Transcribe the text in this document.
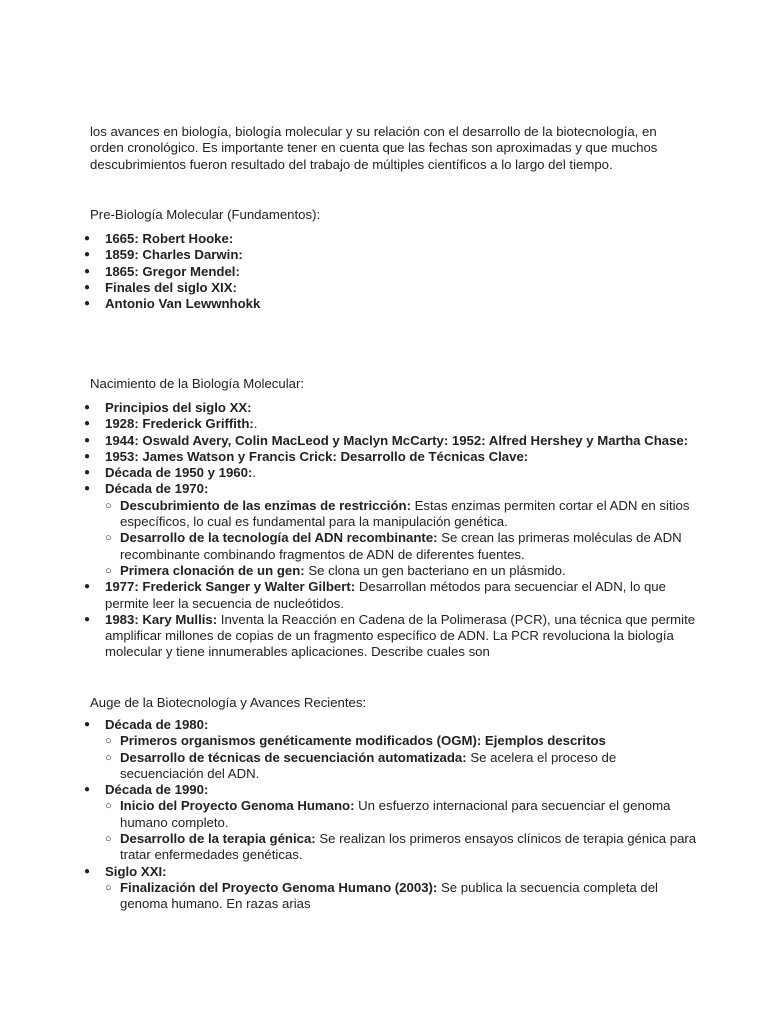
los avances en biología, biología molecular y su relación con el desarrollo de la biotecnología, en orden cronológico. Es importante tener en cuenta que las fechas son aproximadas y que muchos descubrimientos fueron resultado del trabajo de múltiples científicos a lo largo del tiempo.

Pre-Biología Molecular (Fundamentos):

● 1665: Robert Hooke:
● 1859: Charles Darwin:
● 1865: Gregor Mendel:
● Finales del siglo XIX:
● Antonio Van Lewwnhokk

Nacimiento de la Biología Molecular:

● Principios del siglo XX:
● 1928: Frederick Griffith:.
● 1944: Oswald Avery, Colin MacLeod y Maclyn McCarty: 1952: Alfred Hershey y Martha Chase:
● 1953: James Watson y Francis Crick: Desarrollo de Técnicas Clave:
● Década de 1950 y 1960:.
● Década de 1970:
○ Descubrimiento de las enzimas de restricción: Estas enzimas permiten cortar el ADN en sitios específicos, lo cual es fundamental para la manipulación genética.
○ Desarrollo de la tecnología del ADN recombinante: Se crean las primeras moléculas de ADN recombinante combinando fragmentos de ADN de diferentes fuentes.
○ Primera clonación de un gen: Se clona un gen bacteriano en un plásmido.
● 1977: Frederick Sanger y Walter Gilbert: Desarrollan métodos para secuenciar el ADN, lo que permite leer la secuencia de nucleótidos.
● 1983: Kary Mullis: Inventa la Reacción en Cadena de la Polimerasa (PCR), una técnica que permite amplificar millones de copias de un fragmento específico de ADN. La PCR revoluciona la biología molecular y tiene innumerables aplicaciones. Describe cuales son

Auge de la Biotecnología y Avances Recientes:

● Década de 1980:
○ Primeros organismos genéticamente modificados (OGM): Ejemplos descritos
○ Desarrollo de técnicas de secuenciación automatizada: Se acelera el proceso de secuenciación del ADN.
● Década de 1990:
○ Inicio del Proyecto Genoma Humano: Un esfuerzo internacional para secuenciar el genoma humano completo.
○ Desarrollo de la terapia génica: Se realizan los primeros ensayos clínicos de terapia génica para tratar enfermedades genéticas.
● Siglo XXI:
○ Finalización del Proyecto Genoma Humano (2003): Se publica la secuencia completa del genoma humano. En razas arias
